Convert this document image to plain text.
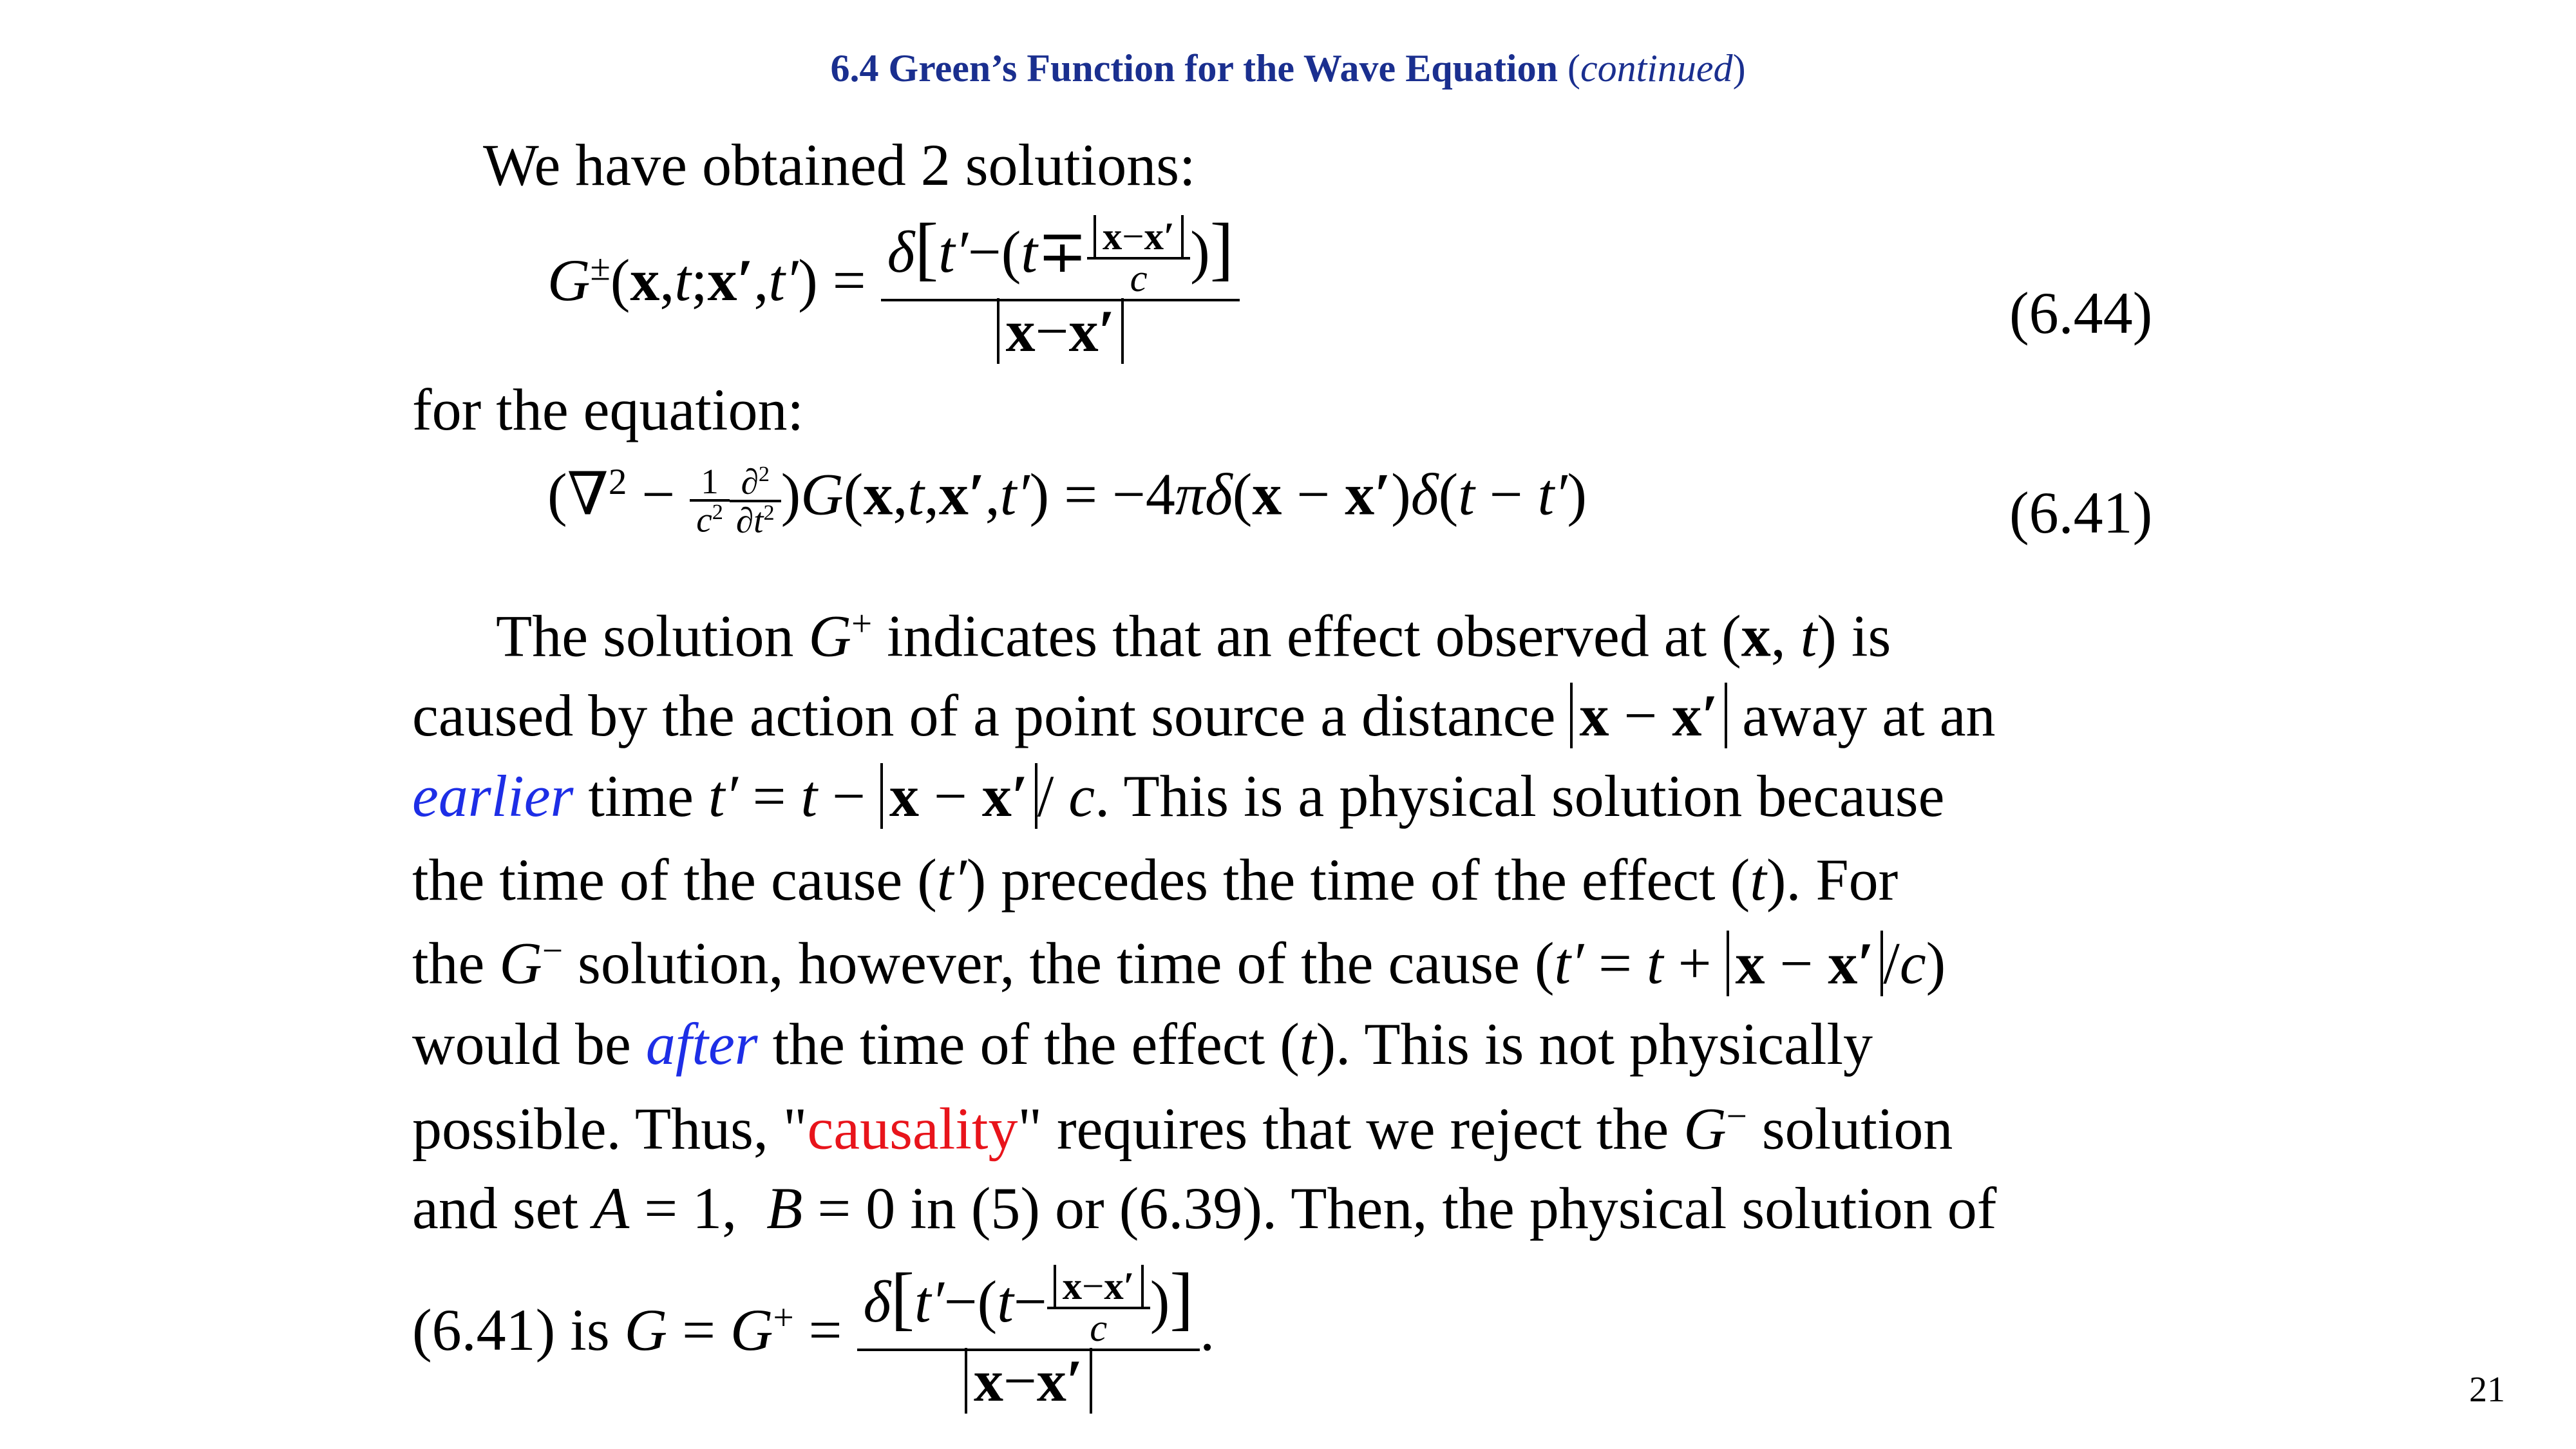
6.4 Green’s Function for the Wave Equation (continued)
We have obtained 2 solutions:
G±(x,t;x′,t′) = $\frac{\delta[t'-(t\mp \frac{x-x'}{c} )]}{x-x'}$	(6.44)
for the equation:
$(\nabla^2 - \frac{1}{c^2} \frac{\partial^2}{\partial t^2} )G(x,t,x',t') = -4\pi\delta(x - x')\delta(t - t')$	(6.41)
The solution G+ indicates that an effect observed at (x, t) is
caused by the action of a point source a distance x − x′ away at an
earlier time t′ = t − x − x′ / c. This is a physical solution because
the time of the cause (t′) precedes the time of the effect (t). For
the G− solution, however, the time of the cause (t′ = t + x − x′ /c)
would be after the time of the effect (t). This is not physically
possible. Thus, "causality" requires that we reject the G− solution
and set A = 1,  B = 0 in (5) or (6.39). Then, the physical solution of
(6.41) is $G = G^+ = \frac{\delta[t'-(t- \frac{x-x'}{c} )]}{x-x'}$ .
21
